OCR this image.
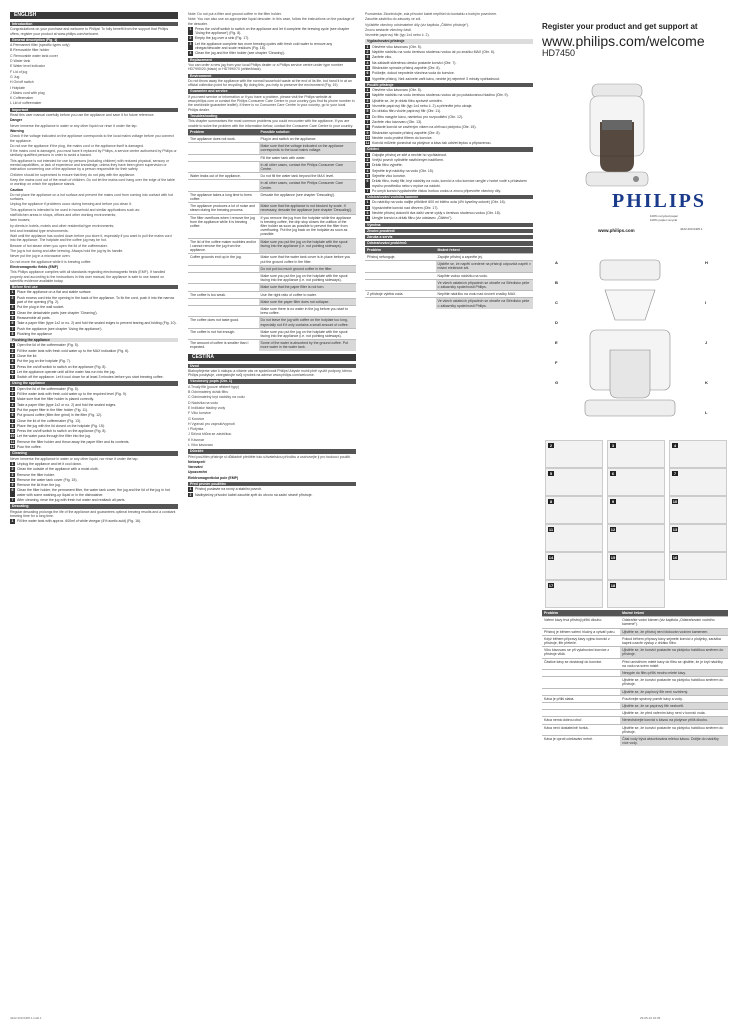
ENGLISH
Introduction

Congratulations on your purchase and welcome to Philips! To fully benefit from the support that Philips offers, register your product at www.philips.com/welcome.

General description (Fig. 1)
A Permanent filter (specific types only)
B Removable filter holder
C Removable water tank cover
D Water tank
E Water level indicator
F Lid of jug
G Jug
H On/off switch
I Hotplate
J Mains cord with plug
K Coffeemaker
L Lid of coffeemaker
Important

Read this user manual carefully before you use the appliance and save it for future reference.

Danger

Never immerse the appliance in water or any other liquid nor rinse it under the tap.

Warning

Check if the voltage indicated on the appliance corresponds to the local mains voltage before you connect the appliance.
Do not use the appliance if the plug, the mains cord or the appliance itself is damaged.
If the mains cord is damaged, you must have it replaced by Philips, a service centre authorised by Philips or similarly qualified persons in order to avoid a hazard.
This appliance is not intended for use by persons (including children) with reduced physical, sensory or mental capabilities, or lack of experience and knowledge, unless they have been given supervision or instruction concerning use of the appliance by a person responsible for their safety.
Children should be supervised to ensure that they do not play with the appliance.
Keep the mains cord out of the reach of children. Do not let the mains cord hang over the edge of the table or worktop on which the appliance stands.

Caution

Do not place the appliance on a hot surface and prevent the mains cord from coming into contact with hot surfaces.
Unplug the appliance if problems occur during brewing and before you clean it.
This appliance is intended to be used in household and similar applications such as:
staff kitchen areas in shops, offices and other working environments;
farm houses;
by clients in hotels, motels and other residential type environments;
bed and breakfast type environments.
Wait until the appliance has cooled down before you store it, especially if you want to pull the mains cord into the appliance. The hotplate and the coffee jug may be hot.
Beware of hot steam when you open the lid of the coffeemaker.
The jug is hot during and after brewing. Always hold the jug by its handle.
Never put the jug in a microwave oven.
Do not move the appliance while it is brewing coffee.

Electromagnetic fields (EMF)

This Philips appliance complies with all standards regarding electromagnetic fields (EMF). If handled properly and according to the instructions in this user manual, the appliance is safe to use based on scientific evidence available today.

Before first use
1	Place the appliance on a flat and stable surface.
2	Push excess cord into the opening in the back of the appliance. To fix the cord, push it into the narrow part of the opening (Fig. 2).
3	Put the plug in the wall socket.
4	Clean the detachable parts (see chapter 'Cleaning').
5	Reassemble all parts.
6	Take a paper filter (type 1x2 or no. 2) and fold the sealed edges to prevent tearing and folding (Fig. 10).
7	Push the appliance (see chapter 'Using the appliance').
8	Flushing the appliance
Flushing the appliance
1	Open the lid of the coffeemaker (Fig. 5).
2	Fill the water tank with fresh cold water up to the MAX indication (Fig. 6).
3	Close the lid.
4	Put the jug on the hotplate (Fig. 7).
5	Press the on/off switch to switch on the appliance (Fig. 8).
6	Let the appliance operate until all the water has run into the jug.
7	Switch off the appliance. Let it cool down for at least 3 minutes before you start brewing coffee.
Using the appliance
1	Open the lid of the coffeemaker (Fig. 5).
2	Fill the water tank with fresh cold water up to the required level (Fig. 9).
3	Make sure that the filter holder is placed correctly.
4	Take a paper filter (type 1x2 or no. 2) and fold the sealed edges.
5	Put the paper filter in the filter holder (Fig. 11).
6	Put ground coffee (filter-fine grind) in the filter (Fig. 12).
7	Close the lid of the coffeemaker (Fig. 13).
8	Place the jug with the lid closed on the hotplate (Fig. 15).
9	Press the on/off switch to switch on the appliance (Fig. 8).
10 Let the water pass through the filter into the jug.
11 Remove the filter holder and throw away the paper filter and its contents.
12 Pour the coffee.
Cleaning

Never immerse the appliance in water or any other liquid, nor rinse it under the tap.

1	Unplug the appliance and let it cool down.
2	Clean the outside of the appliance with a moist cloth.
3	Remove the filter holder.
4	Remove the water tank cover (Fig. 15).
5	Remove the lid from the jug.
6	Clean the filter holder, the permanent filter, the water tank cover, the jug and the lid of the jug in hot water with some washing-up liquid or in the dishwasher.
7	After cleaning, rinse the jug with fresh hot water and reattach all parts.
Descaling

Regular descaling prolongs the life of the appliance and guarantees optimal brewing results and a constant brewing time for a long time.

1	Fill the water tank with approx. 600ml of white vinegar (4% acetic acid) (Fig. 16).
Note: Do not put a filter and ground coffee in the filter holder.
Note: You can also use an appropriate liquid descaler. In this case, follow the instructions on the package of the descaler.
1	Press the on/off switch to switch on the appliance and let it complete the brewing cycle (see chapter 'Using the appliance') (Fig. 8).
2	Empty the jug over a sink (Fig. 17).
3	Let the appliance complete two more brewing cycles with fresh cold water to remove any vinegar/descaler and scale residues (Fig. 18).
4	Clean the jug and the filter holder (see chapter 'Cleaning').
Replacement

You can order a new jug from your local Philips dealer or a Philips service centre under type number HD7990/20 (black) or HD7990/70 (white/black).

Environment

Do not throw away the appliance with the normal household waste at the end of its life, but hand it in at an official collection point for recycling. By doing this, you help to preserve the environment (Fig. 19).

Guarantee and service

If you need service or information or if you have a problem, please visit the Philips website at www.philips.com or contact the Philips Consumer Care Centre in your country (you find its phone number in the worldwide guarantee leaflet). If there is no Consumer Care Centre in your country, go to your local Philips dealer.

Troubleshooting

This chapter summarises the most common problems you could encounter with the appliance. If you are unable to solve the problem with the information below, contact the Consumer Care Centre in your country.

Problem	Possible solution
The appliance does not work.	Plug in and switch on the appliance.
	Make sure that the voltage indicated on the appliance corresponds to the local mains voltage.
	Fill the water tank with water.
	In all other cases, contact the Philips Consumer Care Centre.
Water leaks out of the appliance.	Do not fill the water tank beyond the MAX level.
	In all other cases, contact the Philips Consumer Care Centre.
The appliance takes a long time to brew coffee.	Descale the appliance (see chapter 'Descaling').
The appliance produces a lot of noise and steam during the brewing process.	Make sure that the appliance is not blocked by scale. If necessary, descale the appliance (see chapter 'Descaling').
The filter overflows when I remove the jug from the appliance while it is brewing coffee.	If you remove the jug from the hotplate while the appliance is brewing coffee, the drip stop closes the outflow of the filter holder as soon as possible to prevent the filter from overflowing. Put the jug back on the hotplate as soon as possible.
The lid of the coffee maker wobbles and/or I cannot remove the jug from the appliance.	Make sure you put the jug on the hotplate with the spout facing into the appliance (i.e. not pointing sideways).
Coffee grounds end up in the jug.	Make sure that the water tank cover is in place before you put the ground coffee in the filter.
	Do not put too much ground coffee in the filter.
	Make sure you put the jug on the hotplate with the spout facing into the appliance (i.e. not pointing sideways).
	Make sure that the paper filter is not torn.
The coffee is too weak.	Use the right ratio of coffee to water.
	Make sure the paper filter does not collapse.
	Make sure there is no water in the jug before you start to brew coffee.
The coffee does not taste good.	Do not leave the jug with coffee on the hotplate too long, especially not if it only contains a small amount of coffee.
The coffee is not hot enough.	Make sure you put the jug on the hotplate with the spout facing into the appliance (i.e. not pointing sideways).
The amount of coffee is smaller than I expected.	Some of the water is absorbed by the ground coffee. Put more water in the water tank.
ČEŠTINA
Úvod

Blahopřejeme vám k nákupu a vítáme vás ve společnosti Philips! Abyste mohli plně využít podpory, kterou Philips poskytuje, zaregistrujte svůj výrobek na adrese www.philips.com/welcome.

Všeobecný popis (Obr. 1)
A Trvalý filtr (pouze některé typy)
B Odnímatelný držák filtru
C Odnímatelný kryt nádržky na vodu
D Nádržka na vodu
E Indikátor hladiny vody
F Víko konvice
G Konvice
H Vypínač pro zapnutí/vypnutí
I Plotýnka
J Síťová šňůra se zástrčkou
K Kávovar
L Víko kávovaru
Důležité

Před použitím přístroje si důkladně přečtěte tuto uživatelskou příručku a uschovejte ji pro budoucí použití.

Nebezpečí

Varování

Upozornění

Elektromagnetická pole (EMP)

Před prvním použitím
1	Přístroj postavte na rovný a stabilní povrch.
2	Nadbytečný přívodní kabel zasuňte zpět do otvoru na zadní straně přístroje.
Poznámka: Zkontrolujte, zda přívodní kabel nepřišel do kontaktu s horkým povrchem.
Zasuňte zástrčku do zásuvky ve zdi.
Vyčistěte všechny odnímatelné díly (viz kapitola „Čištění přístroje").
Znovu sestavte všechny části.
Vezměte papírový filtr (typ 1x4 nebo č. 2).
Vyplachování přístroje
1	Otevřete víko kávovaru (Obr. 5).
2	Naplňte nádržku na vodu čerstvou studenou vodou až po značku MAX (Obr. 6).
3	Zavřete víko.
4	Na základě skleněnou desku postavte konvici (Obr. 7).
5	Stisknutím spínače přístroj zapněte (Obr. 8).
6	Počkejte, dokud neproteče všechna voda do konvice.
7	Vypněte přístroj. Než začnete vařit kávu, nechte jej nejméně 3 minuty vychladnout.
Použití přístroje
1	Otevřete víko kávovaru (Obr. 5).
2	Naplňte nádržku na vodu čerstvou studenou vodou až po požadovanou hladinu (Obr. 9).
3	Ujistěte se, že je držák filtru správně umístěn.
4	Vezměte papírový filtr (typ 1x4 nebo č. 2) a přehněte jeho okraje.
5	Do držáku filtru vložte papírový filtr (Obr. 11).
6	Do filtru nasypte kávu, namletou pro rozpouštění (Obr. 12).
7	Zavřete víko kávovaru (Obr. 13).
8	Postavte konvici se zavřeným víkem na ohřívací plotýnku (Obr. 15).
9	Stisknutím spínače přístroj zapněte (Obr. 8).
10 Nechte vodu protéct filtrem do konvice.
11 Konvici můžete ponechat na plotýnce a kávu tak udržet teplou a připravenou.
Čištění
1	Odpojte přístroj ze sítě a nechte ho vychladnout.
2	Vnější povrch vyčistěte navlhčeným hadříkem.
3	Držák filtru vyjměte.
4	Sejměte kryt nádržky na vodu (Obr. 15).
5	Sejměte víko konvice.
6	Držák filtru, trvalý filtr, kryt nádržky na vodu, konvici a víko konvice umyjte v horké vodě s přídavkem mycího prostředku nebo v myčce na nádobí.
7	Po umytí konvici vypláchněte čistou horkou vodou a znovu připevněte všechny díly.
Odstraňování vodního kamene
1	Do nádržky na vodu nalijte přibližně 600 ml bílého octa (4% kyseliny octové) (Obr. 16).
2	Vyprázdněte konvici nad dřezem (Obr. 17).
3	Nechte přístroj dokončit dva další varné cykly s čerstvou studenou vodou (Obr. 18).
4	Umyjte konvici a držák filtru (viz odstavec „Čištění").
Výměna
Životní prostředí
Záruka a servis
Odstraňování problémů
Problém	Možné řešení
Přístroj nefunguje.	Zapojte přístroj a zapněte jej.
	Ujistěte se, že napětí uvedené na přístroji odpovídá napětí v místní elektrické síti.
	Naplňte vodou nádržku na vodu.
	Ve všech ostatních případech se obraťte na Středisko péče o zákazníky společnosti Philips.
Z přístroje vytéká voda.	Neplňte nádržku na vodu nad úroveň značky MAX.
	Ve všech ostatních případech se obraťte na Středisko péče o zákazníky společnosti Philips.

Register your product and get support at

www.philips.com/welcome

HD7450

PHILIPS
100% recycled paper
100% papier recyclé
www.philips.com	4222.200.0405.1
A
B
C
D
E
F
G
H
I
J
K
L
2	3	4
5	6	7
8	9	10
11	12	13
14	15	16
17	18
Problém	Možné řešení
Vaření kávy trvá přístroji příliš dlouho.	Odstraňte vodní kámen (viz kapitola „Odstraňování vodního kamene").
Přístroj je během vaření hlučný a vytváří páru.	Ujistěte se, že přístroj není blokován vodním kamenem.
Když během přípravy kávy vyjmu konvici z přístroje, filtr přeteče.	Pokud během přípravy kávy sejmete konvici z plotýnky, zarážka kapek uzavře výstup z držáku filtru.
Víko kávovaru se při vytahování konvice z přístroje viklá.	Ujistěte se, že konvici postavíte na plotýnku hubičkou směrem do přístroje.
Částice kávy se dostávají do konvice.	Před umístěním mleté kávy do filtru se ujistěte, že je kryt nádržky na vodu na svém místě.
	Nesypte do filtru příliš mnoho mleté kávy.
	Ujistěte se, že konvici postavíte na plotýnku hubičkou směrem do přístroje.
	Ujistěte se, že papírový filtr není roztržený.
Káva je příliš slabá.	Používejte správný poměr kávy a vody.
	Ujistěte se, že se papírový filtr nezbortil.
	Ujistěte se, že před vařením kávy není v konvici voda.
Káva nemá dobrou chuť.	Nenechávejte konvici s kávou na plotýnce příliš dlouho.
Káva není dostatečně horká.	Ujistěte se, že konvici postavíte na plotýnku hubičkou směrem do přístroje.
Káva je oproti očekávání méně.	Část vody bývá absorbována mletou kávou. Dolijte do nádržky více vody.
4222.200.0405.1.indd 1	29-05-10 16:05
